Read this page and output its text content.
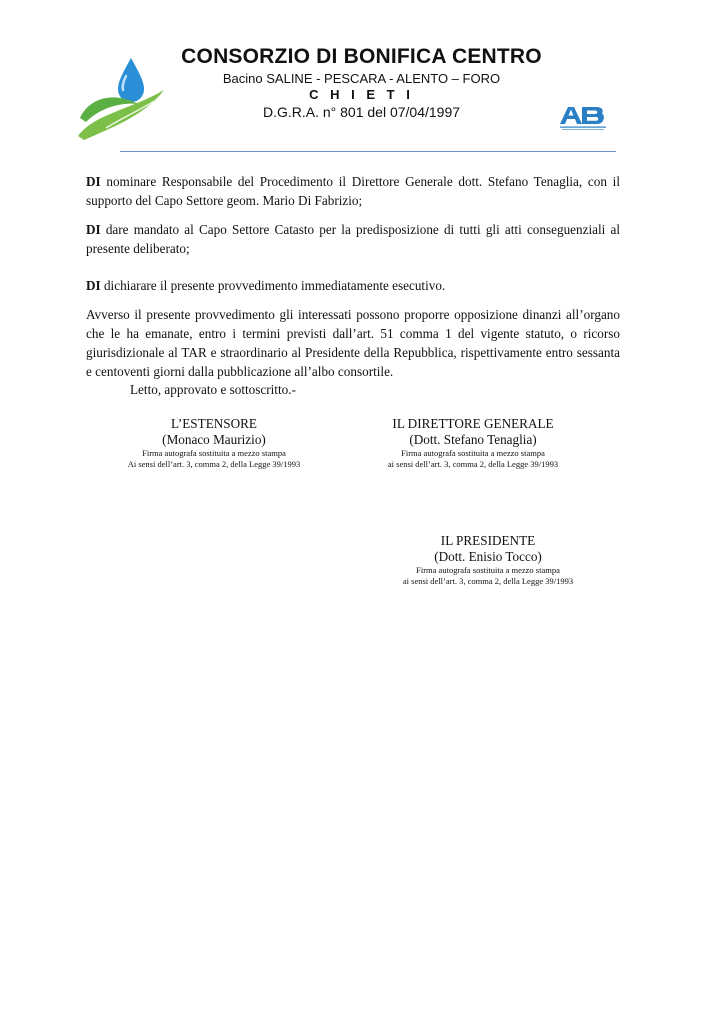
CONSORZIO DI BONIFICA CENTRO
Bacino SALINE - PESCARA - ALENTO – FORO
C H I E T I
D.G.R.A. n° 801 del 07/04/1997

DI nominare Responsabile del Procedimento il Direttore Generale dott. Stefano Tenaglia, con il supporto del Capo Settore geom. Mario Di Fabrizio;

DI dare mandato al Capo Settore Catasto per la predisposizione di tutti gli atti conseguenziali al presente deliberato;

DI dichiarare il presente provvedimento immediatamente esecutivo.

Avverso il presente provvedimento gli interessati possono proporre opposizione dinanzi all’organo che le ha emanate, entro i termini previsti dall’art. 51 comma 1 del vigente statuto, o ricorso giurisdizionale al TAR e straordinario al Presidente della Repubblica, rispettivamente entro sessanta e centoventi giorni dalla pubblicazione all’albo consortile.

Letto, approvato e sottoscritto.-
L’ESTENSORE
(Monaco Maurizio)
Firma autografa sostituita a mezzo stampa
Ai sensi dell’art. 3, comma 2, della Legge 39/1993
IL DIRETTORE GENERALE
(Dott. Stefano Tenaglia)
Firma autografa sostituita a mezzo stampa
ai sensi dell’art. 3, comma 2, della Legge 39/1993
IL PRESIDENTE
(Dott. Enisio Tocco)
Firma autografa sostituita a mezzo stampa
ai sensi dell’art. 3, comma 2, della Legge 39/1993
